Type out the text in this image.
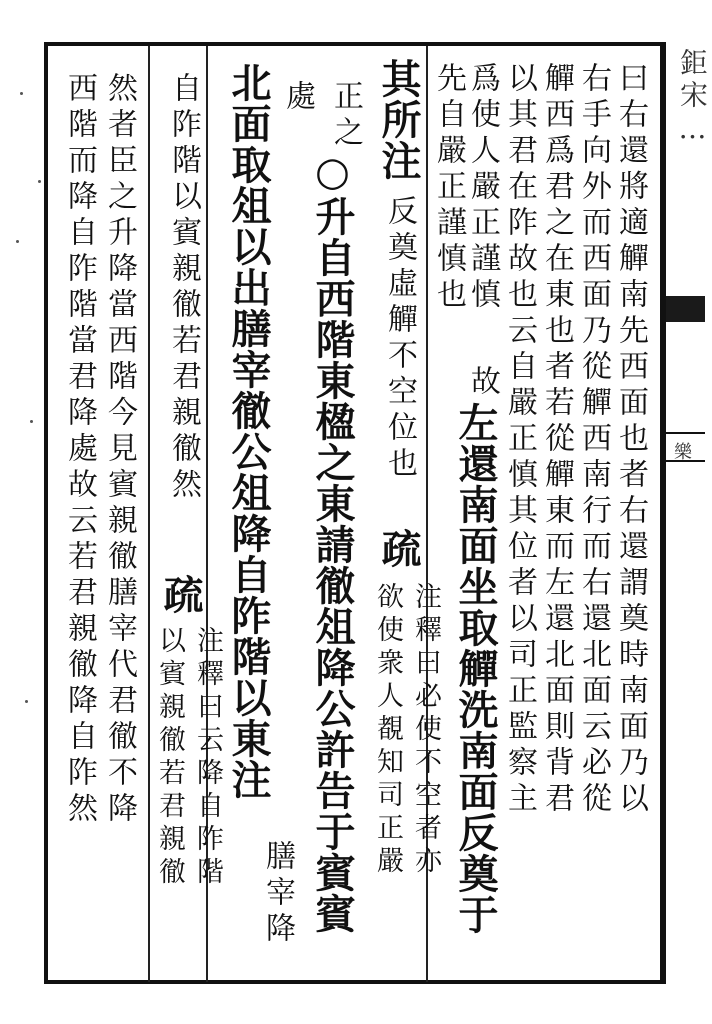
鉅宋…
樂
曰右還將適觶南先西面也者右還謂奠時南面乃以
右手向外而西面乃從觶西南行而右還北面云必從
觶西爲君之在東也者若從觶東而左還北面則背君
以其君在阼故也云自嚴正慎其位者以司正監察主
爲使人嚴正謹慎
故
左還南面坐取觶洗南面反奠于
先自嚴正謹慎也
其所注
反奠虛觶不空位也
疏
注釋曰必使不空者亦
欲使衆人覩知司正嚴
正之
○升自西階東楹之東請徹俎降公許告于賓賓
處
北面取俎以出膳宰徹公俎降自阼階以東注
膳宰降
自阼階以賓親徹若君親徹然
疏
注釋曰云降自阼階
以賓親徹若君親徹
然者臣之升降當西階今見賓親徹膳宰代君徹不降
西階而降自阼階當君降處故云若君親徹降自阼然
